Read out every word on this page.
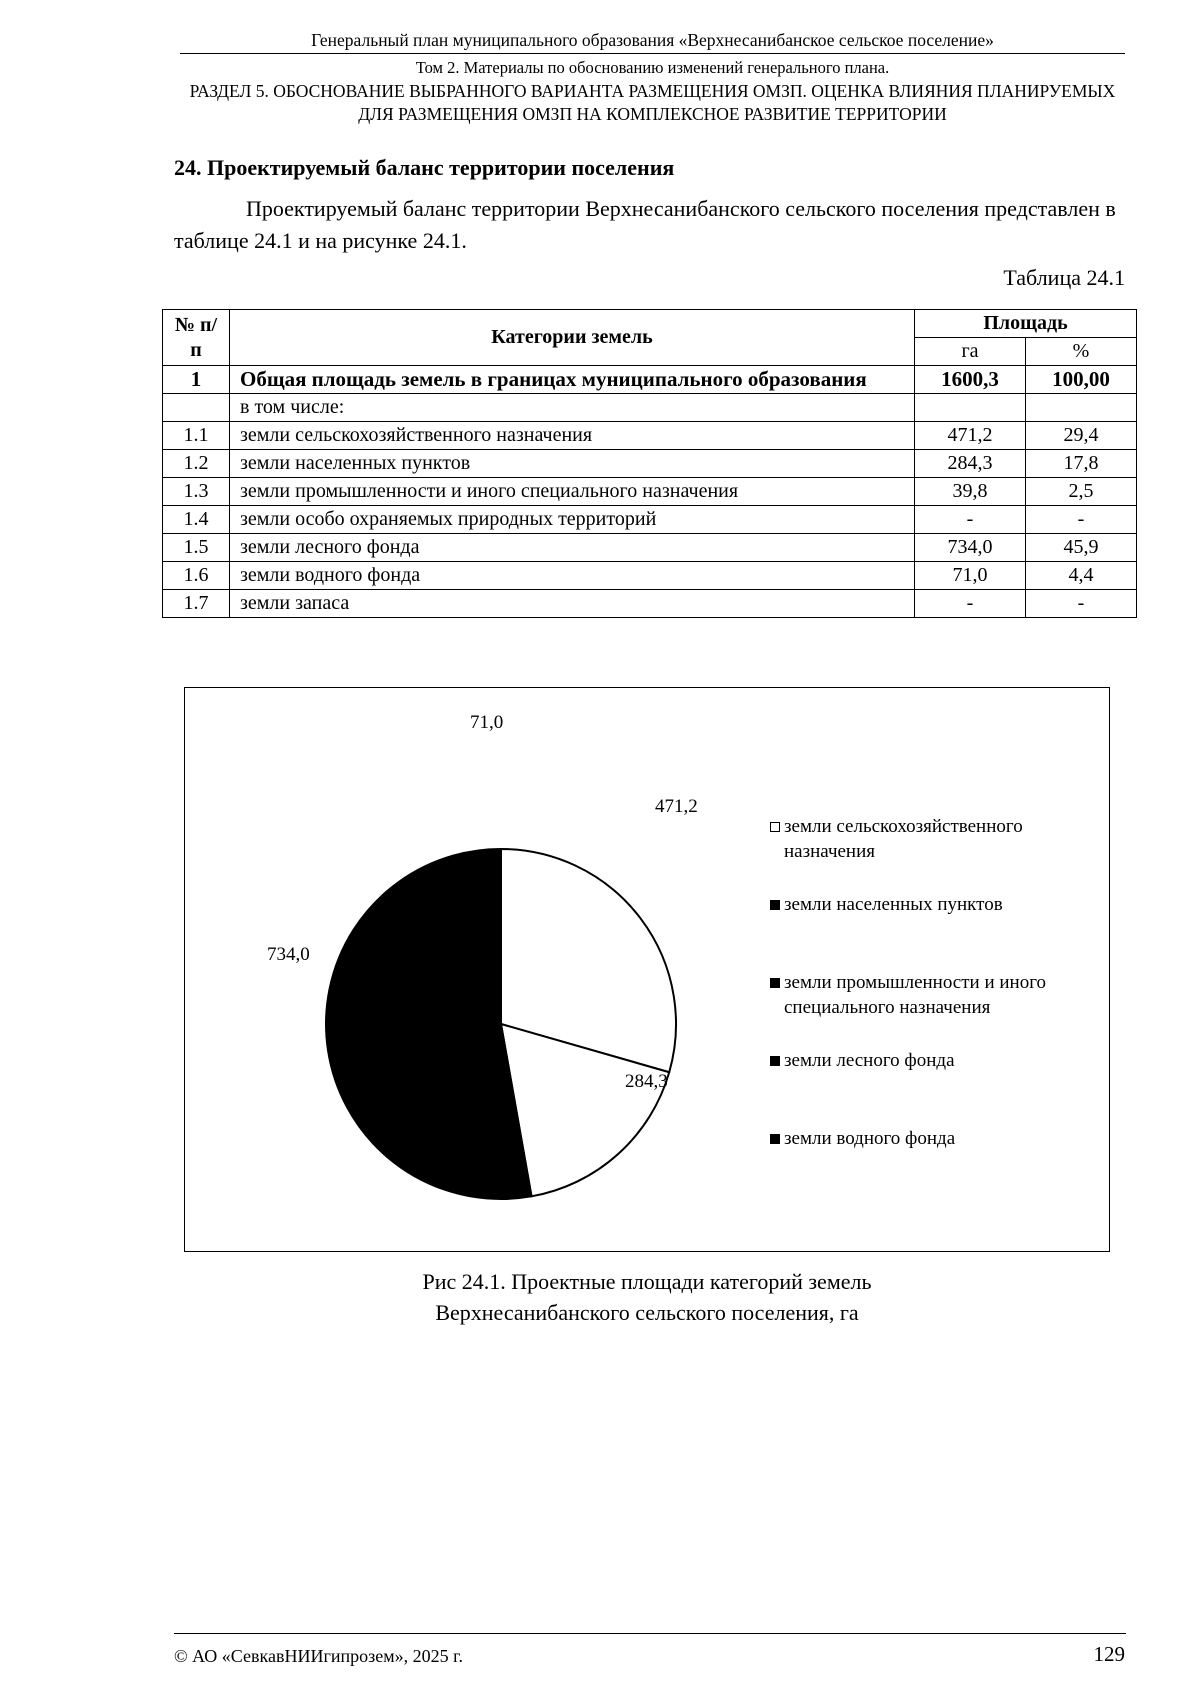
Генеральный план муниципального образования «Верхнесанибанское сельское поселение»
Том 2. Материалы по обоснованию изменений генерального плана.
РАЗДЕЛ 5. ОБОСНОВАНИЕ ВЫБРАННОГО ВАРИАНТА РАЗМЕЩЕНИЯ ОМЗП. ОЦЕНКА ВЛИЯНИЯ ПЛАНИРУЕМЫХ ДЛЯ РАЗМЕЩЕНИЯ ОМЗП НА КОМПЛЕКСНОЕ РАЗВИТИЕ ТЕРРИТОРИИ
24. Проектируемый баланс территории поселения
Проектируемый баланс территории Верхнесанибанского сельского поселения представлен в таблице 24.1 и на рисунке 24.1.
Таблица 24.1
№ п/п	Категории земель	Площадь	
		га	%
1	Общая площадь земель в границах муниципального образования	1600,3	100,00
	в том числе:		
1.1	земли сельскохозяйственного назначения	471,2	29,4
1.2	земли населенных пунктов	284,3	17,8
1.3	земли промышленности и иного специального назначения	39,8	2,5
1.4	земли особо охраняемых природных территорий	-	-
1.5	земли лесного фонда	734,0	45,9
1.6	земли водного фонда	71,0	4,4
1.7	земли запаса	-	-
471,2
284,3
39,8
734,0
71,0
земли сельскохозяйственного назначения
земли населенных пунктов
земли промышленности и иного специального назначения
земли лесного фонда
земли водного фонда
Рис 24.1. Проектные площади категорий земель
Верхнесанибанского сельского поселения, га
© АО «СевкавНИИгипрозем», 2025 г.	129
